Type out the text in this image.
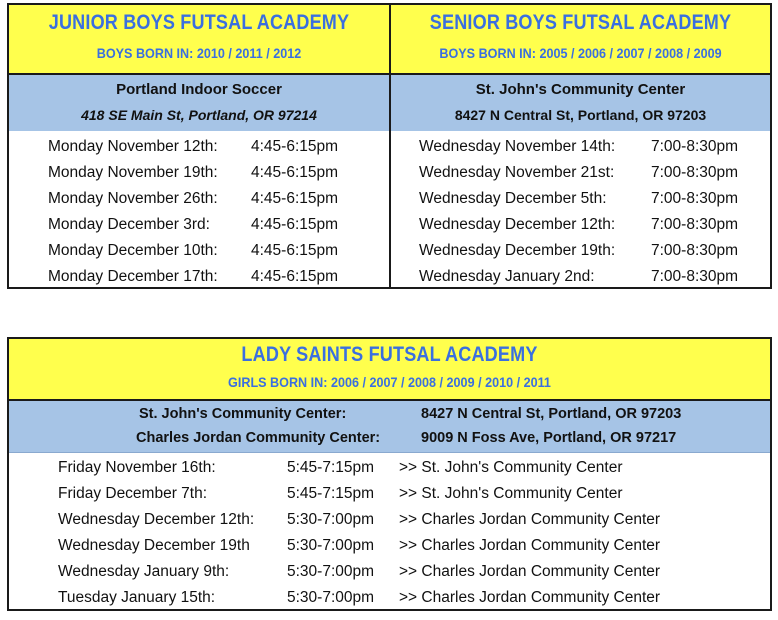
JUNIOR BOYS FUTSAL ACADEMY
BOYS BORN IN: 2010 / 2011 / 2012
Portland Indoor Soccer
418 SE Main St, Portland, OR 97214
Monday November 12th: 4:45-6:15pm
Monday November 19th: 4:45-6:15pm
Monday November 26th: 4:45-6:15pm
Monday December 3rd:	4:45-6:15pm
Monday December 10th: 4:45-6:15pm
Monday December 17th: 4:45-6:15pm
SENIOR BOYS FUTSAL ACADEMY
BOYS BORN IN: 2005 / 2006 / 2007 / 2008 / 2009
St. John's Community Center
8427 N Central St, Portland, OR 97203
Wednesday November 14th: 7:00-8:30pm
Wednesday November 21st: 7:00-8:30pm
Wednesday December 5th:	7:00-8:30pm
Wednesday December 12th: 7:00-8:30pm
Wednesday December 19th: 7:00-8:30pm
Wednesday January 2nd:	7:00-8:30pm
LADY SAINTS FUTSAL ACADEMY
GIRLS BORN IN: 2006 / 2007 / 2008 / 2009 / 2010 / 2011
St. John's Community Center:	8427 N Central St, Portland, OR 97203
Charles Jordan Community Center:	9009 N Foss Ave, Portland, OR 97217
Friday November 16th:	5:45-7:15pm >> St. John's Community Center
Friday December 7th:	5:45-7:15pm >> St. John's Community Center
Wednesday December 12th: 5:30-7:00pm >> Charles Jordan Community Center
Wednesday December 19th 5:30-7:00pm >> Charles Jordan Community Center
Wednesday January 9th:	5:30-7:00pm >> Charles Jordan Community Center
Tuesday January 15th:	5:30-7:00pm >> Charles Jordan Community Center
